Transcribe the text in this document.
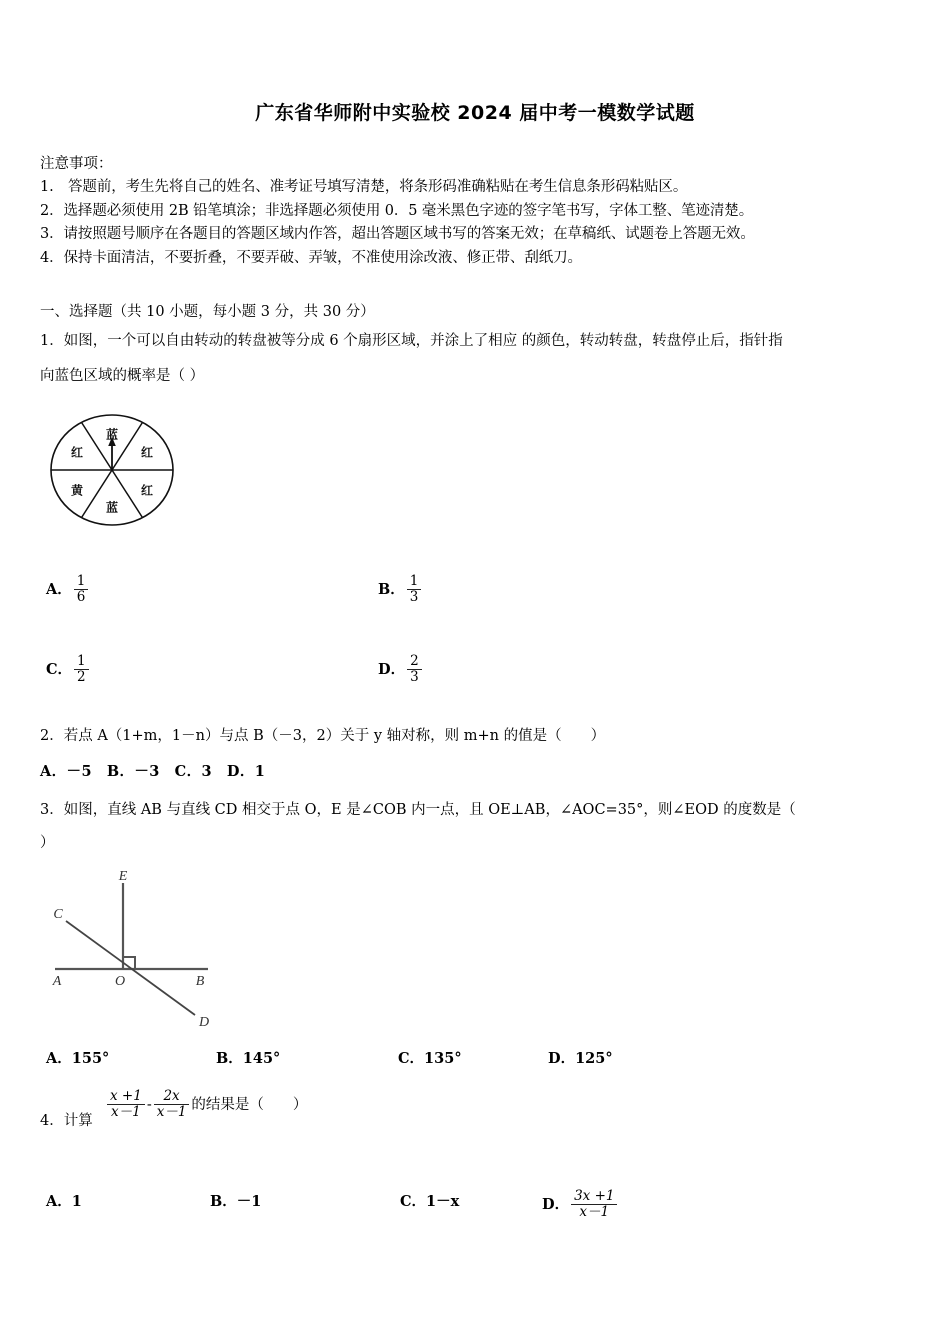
广东省华师附中实验校 2024 届中考一模数学试题
注意事项：
1.　答题前，考生先将自己的姓名、准考证号填写清楚，将条形码准确粘贴在考生信息条形码粘贴区。
2．选择题必须使用 2B 铅笔填涂；非选择题必须使用 0．5 毫米黑色字迹的签字笔书写，字体工整、笔迹清楚。
3．请按照题号顺序在各题目的答题区域内作答，超出答题区域书写的答案无效；在草稿纸、试题卷上答题无效。
4．保持卡面清洁，不要折叠，不要弄破、弄皱，不准使用涂改液、修正带、刮纸刀。
一、选择题（共 10 小题，每小题 3 分，共 30 分）
1．如图，一个可以自由转动的转盘被等分成 6 个扇形区域，并涂上了相应 的颜色，转动转盘，转盘停止后，指针指
向蓝色区域的概率是（ ）
蓝
红
红
蓝
黄
红
A． $\frac{1}{6}$	B． $\frac{1}{3}$
C． $\frac{1}{2}$	D． $\frac{2}{3}$
2．若点 A（1+m，1－n）与点 B（－3，2）关于 y 轴对称，则 m+n 的值是（　　）
A．－5　B．－3　C．3　D．1
3．如图，直线 AB 与直线 CD 相交于点 O，E 是∠COB 内一点，且 OE⊥AB，∠AOC=35°，则∠EOD 的度数是（
）
E
C
A	O	B
D
A．155°	B．145°	C．135°	D．125°
4．计算
$\frac{x +1}{x-1} - \frac{2x}{x-1}$ 的结果是（　　）
A．1	B．－1	C．1－x	D． $\frac{3x +1}{x-1}$
